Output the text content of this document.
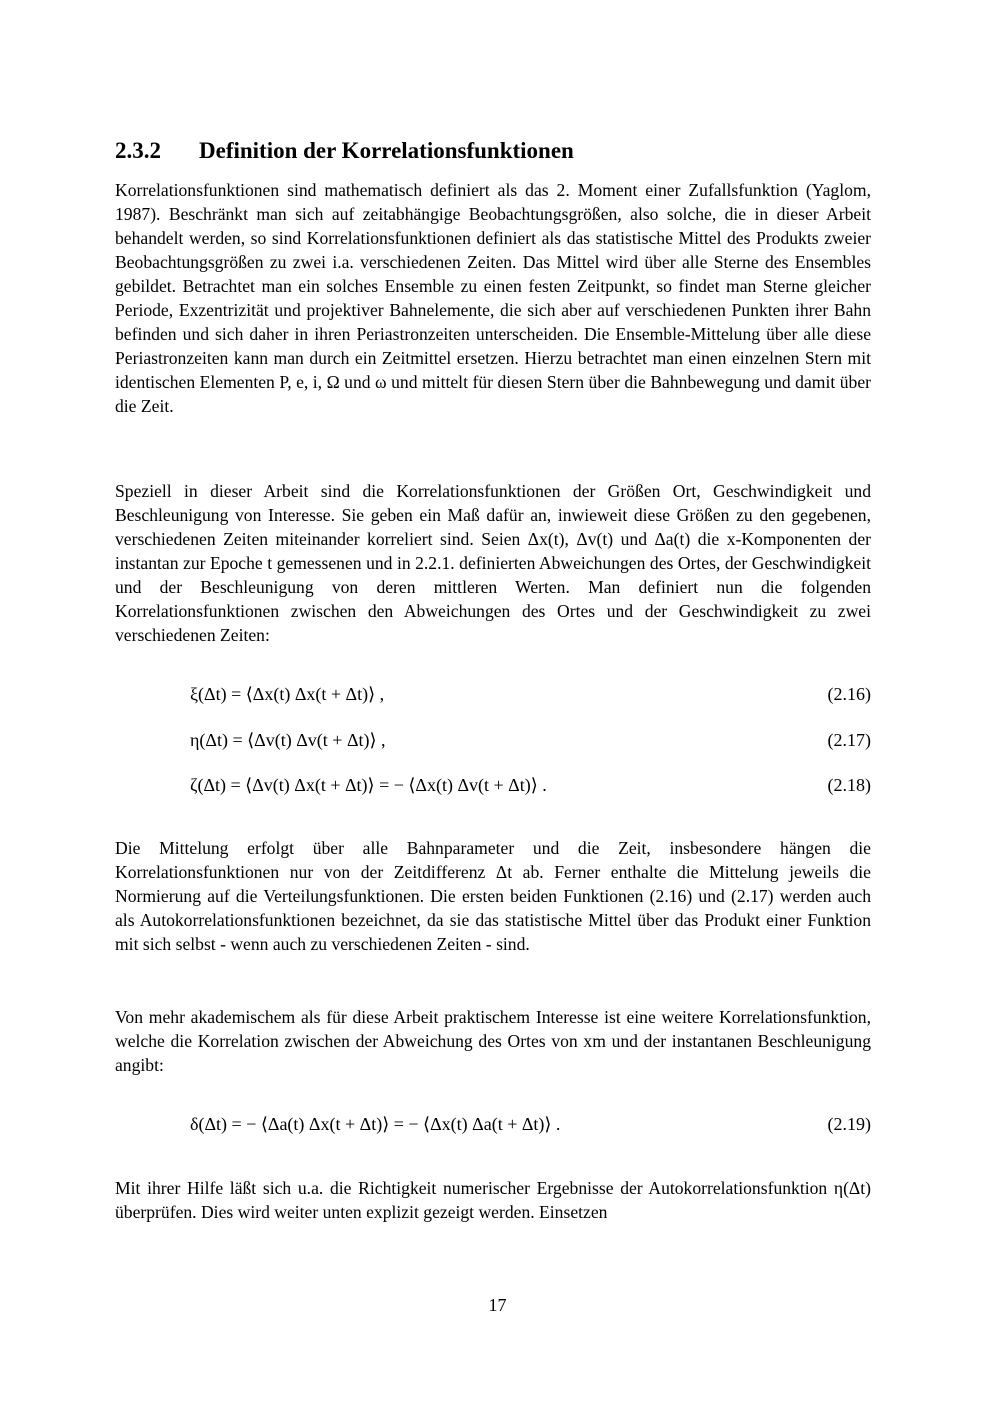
2.3.2 Definition der Korrelationsfunktionen

Korrelationsfunktionen sind mathematisch definiert als das 2. Moment einer Zufallsfunktion (Yaglom, 1987). Beschränkt man sich auf zeitabhängige Beobachtungsgrößen, also solche, die in dieser Arbeit behandelt werden, so sind Korrelationsfunktionen definiert als das statistische Mittel des Produkts zweier Beobachtungsgrößen zu zwei i.a. verschiedenen Zeiten. Das Mittel wird über alle Sterne des Ensembles gebildet. Betrachtet man ein solches Ensemble zu einen festen Zeitpunkt, so findet man Sterne gleicher Periode, Exzentrizität und projektiver Bahnelemente, die sich aber auf verschiedenen Punkten ihrer Bahn befinden und sich daher in ihren Periastronzeiten unterscheiden. Die Ensemble-Mittelung über alle diese Periastronzeiten kann man durch ein Zeitmittel ersetzen. Hierzu betrachtet man einen einzelnen Stern mit identischen Elementen P, e, i, Ω und ω und mittelt für diesen Stern über die Bahnbewegung und damit über die Zeit.

Speziell in dieser Arbeit sind die Korrelationsfunktionen der Größen Ort, Geschwindigkeit und Beschleunigung von Interesse. Sie geben ein Maß dafür an, inwieweit diese Größen zu den gegebenen, verschiedenen Zeiten miteinander korreliert sind. Seien Δx(t), Δv(t) und Δa(t) die x-Komponenten der instantan zur Epoche t gemessenen und in 2.2.1. definierten Abweichungen des Ortes, der Geschwindigkeit und der Beschleunigung von deren mittleren Werten. Man definiert nun die folgenden Korrelationsfunktionen zwischen den Abweichungen des Ortes und der Geschwindigkeit zu zwei verschiedenen Zeiten:

ξ(Δt) = ⟨Δx(t) Δx(t + Δt)⟩ ,	(2.16)
η(Δt) = ⟨Δv(t) Δv(t + Δt)⟩ ,	(2.17)
ζ(Δt) = ⟨Δv(t) Δx(t + Δt)⟩ = − ⟨Δx(t) Δv(t + Δt)⟩ .	(2.18)

Die Mittelung erfolgt über alle Bahnparameter und die Zeit, insbesondere hängen die Korrelationsfunktionen nur von der Zeitdifferenz Δt ab. Ferner enthalte die Mittelung jeweils die Normierung auf die Verteilungsfunktionen. Die ersten beiden Funktionen (2.16) und (2.17) werden auch als Autokorrelationsfunktionen bezeichnet, da sie das statistische Mittel über das Produkt einer Funktion mit sich selbst - wenn auch zu verschiedenen Zeiten - sind.

Von mehr akademischem als für diese Arbeit praktischem Interesse ist eine weitere Korrelationsfunktion, welche die Korrelation zwischen der Abweichung des Ortes von xm und der instantanen Beschleunigung angibt:

δ(Δt) = − ⟨Δa(t) Δx(t + Δt)⟩ = − ⟨Δx(t) Δa(t + Δt)⟩ .	(2.19)

Mit ihrer Hilfe läßt sich u.a. die Richtigkeit numerischer Ergebnisse der Autokorrelationsfunktion η(Δt) überprüfen. Dies wird weiter unten explizit gezeigt werden. Einsetzen

17
